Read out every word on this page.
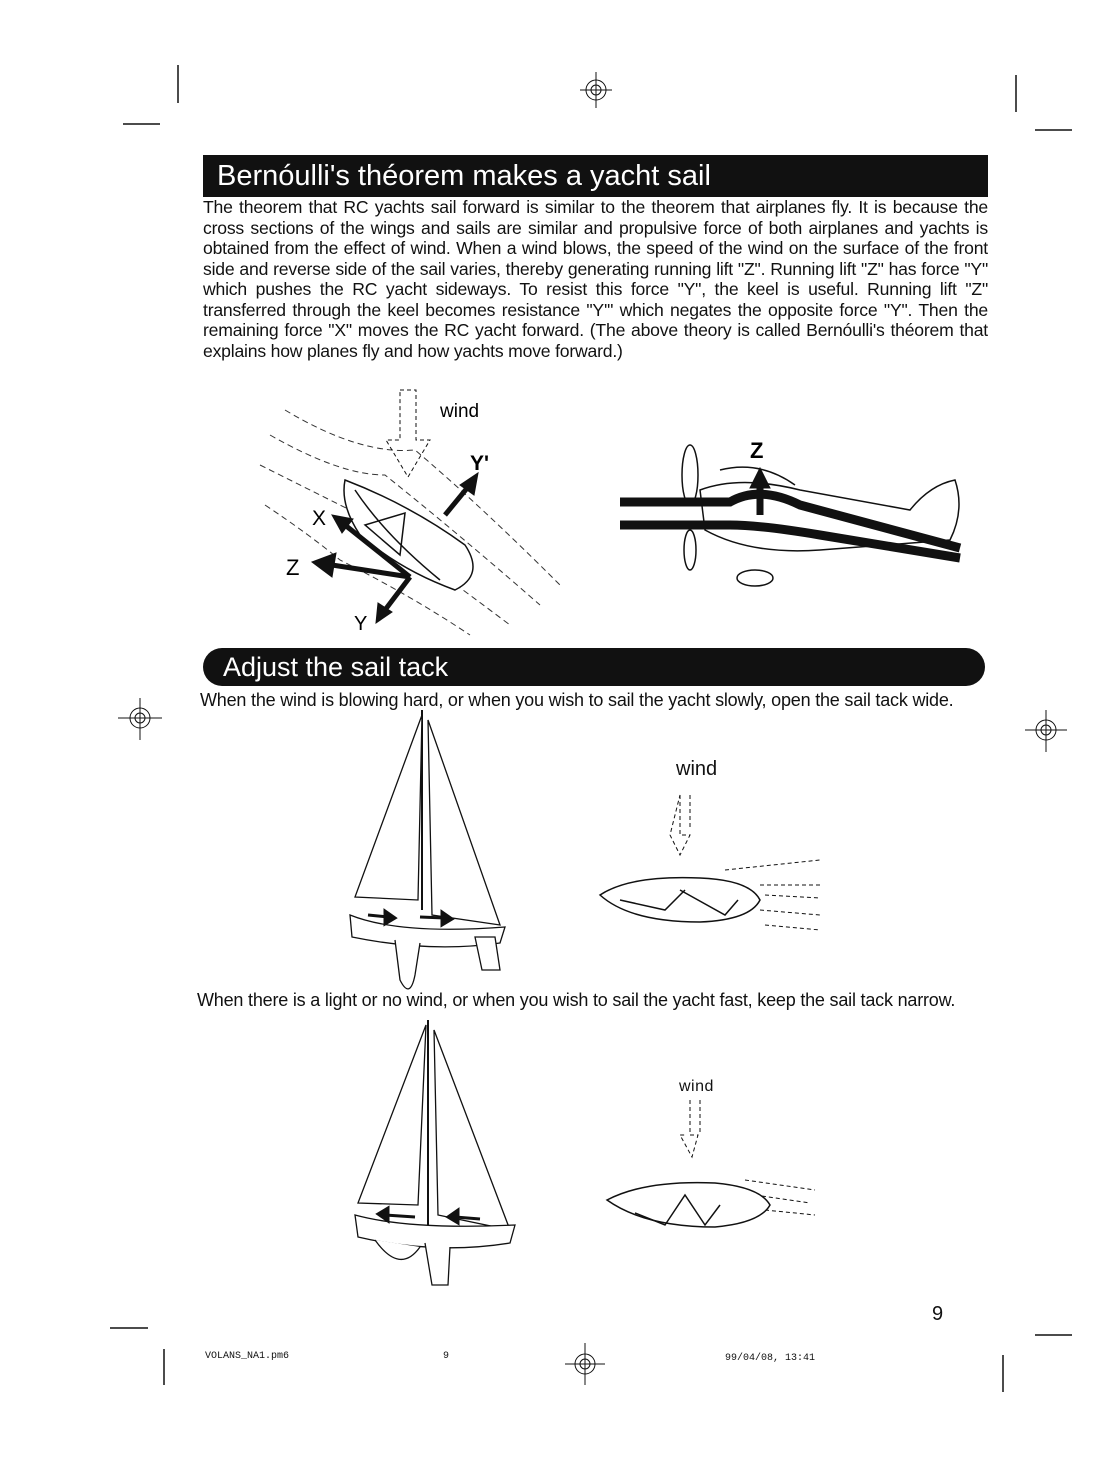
Bernóulli's théorem makes a yacht sail

The theorem that RC yachts sail forward is similar to the theorem that airplanes fly. It is because the cross sections of the wings and sails are similar and propulsive force of both airplanes and yachts is obtained from the effect of wind. When a wind blows, the speed of the wind on the surface of the front side and reverse side of the sail varies, thereby generating running lift "Z". Running lift "Z" has force "Y" which pushes the RC yacht sideways. To resist this force "Y", the keel is useful. Running lift "Z" transferred through the keel becomes resistance "Y'" which negates the opposite force "Y". Then the remaining force "X" moves the RC yacht forward. (The above theory is called Bernóulli's théorem that explains how planes fly and how yachts move forward.)

wind
X
Y'
Z
Y
Z
Adjust the sail tack

When the wind is blowing hard, or when you wish to sail the yacht slowly, open the sail tack wide.

wind

When there is a light or no wind, or when you wish to sail the yacht fast, keep the sail tack narrow.

wind
9
VOLANS_NA1.pm6	9	99/04/08, 13:41
